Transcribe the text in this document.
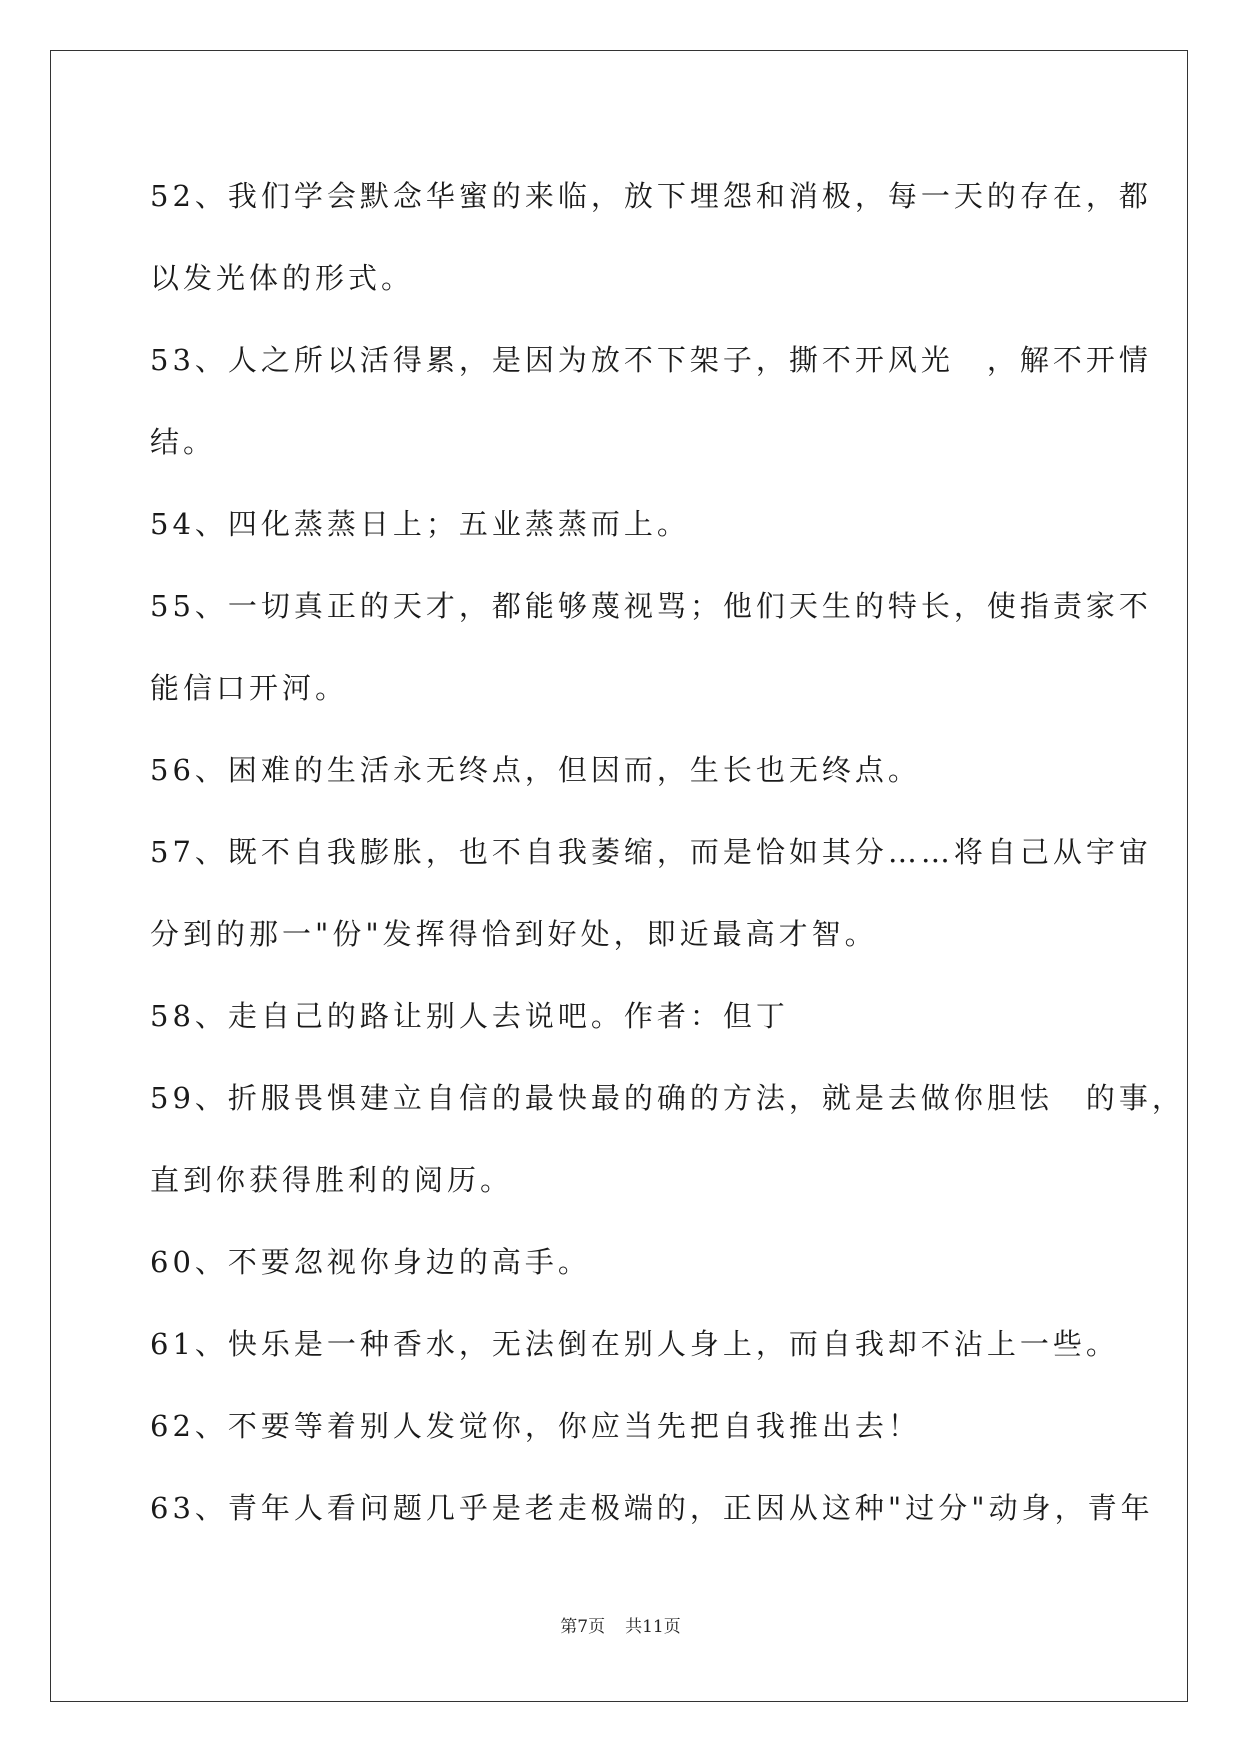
52、我们学会默念华蜜的来临，放下埋怨和消极，每一天的存在，都
以发光体的形式。
53、人之所以活得累，是因为放不下架子，撕不开风光　，解不开情
结。
54、四化蒸蒸日上；五业蒸蒸而上。
55、一切真正的天才，都能够蔑视骂；他们天生的特长，使指责家不
能信口开河。
56、困难的生活永无终点，但因而，生长也无终点。
57、既不自我膨胀，也不自我萎缩，而是恰如其分……将自己从宇宙
分到的那一"份"发挥得恰到好处，即近最高才智。
58、走自己的路让别人去说吧。作者：但丁
59、折服畏惧建立自信的最快最的确的方法，就是去做你胆怯　的事，
直到你获得胜利的阅历。
60、不要忽视你身边的高手。
61、快乐是一种香水，无法倒在别人身上，而自我却不沾上一些。
62、不要等着别人发觉你，你应当先把自我推出去！
63、青年人看问题几乎是老走极端的，正因从这种"过分"动身，青年
第7页 共11页
